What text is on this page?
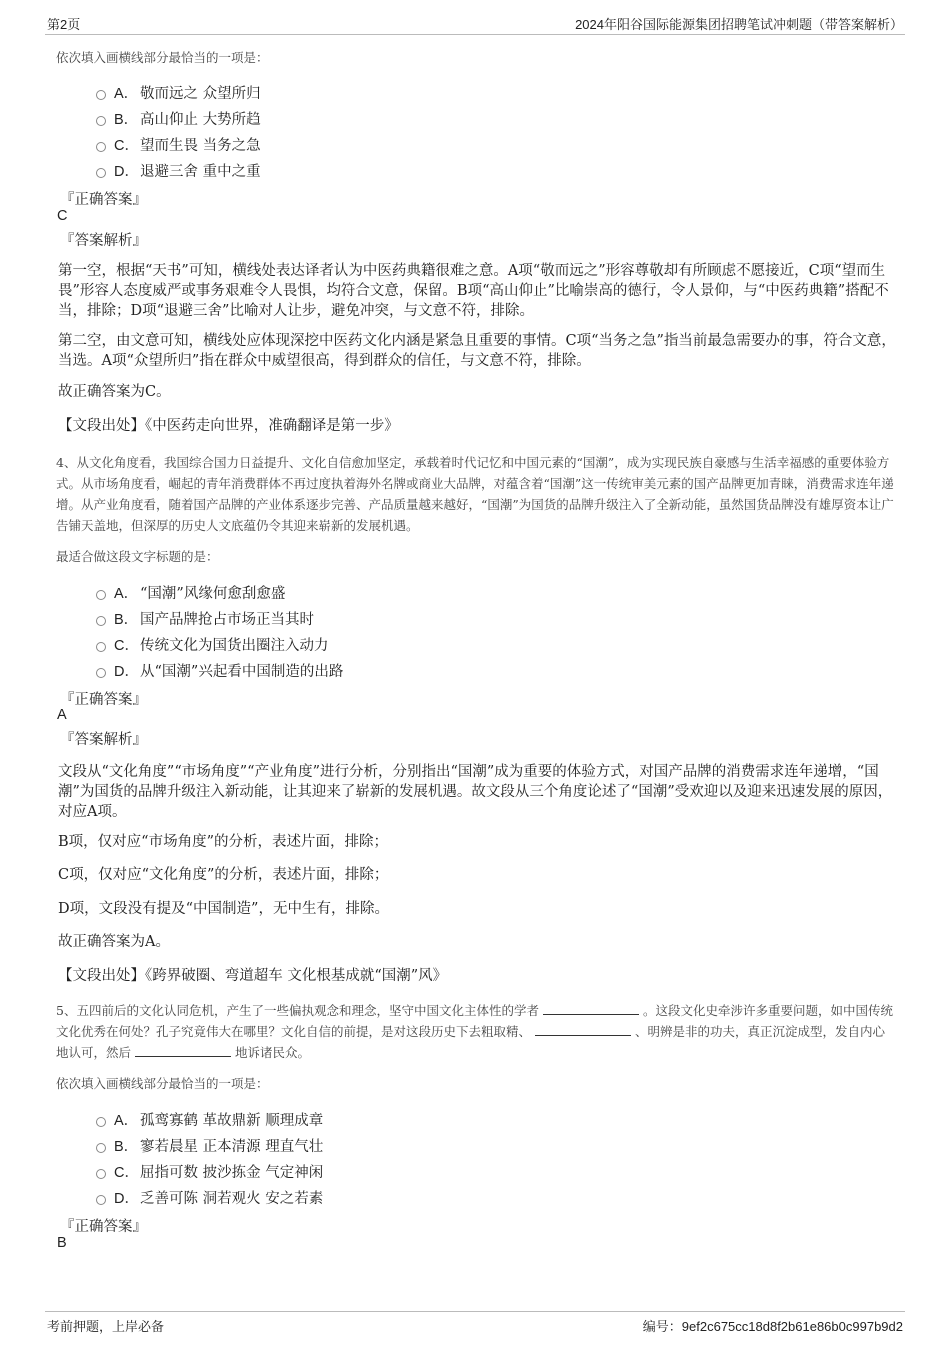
第2页	2024年阳谷国际能源集团招聘笔试冲刺题（带答案解析）
依次填入画横线部分最恰当的一项是：
A． 敬而远之 众望所归
B． 高山仰止 大势所趋
C．望而生畏 当务之急
D．退避三舍 重中之重
『正确答案』
C
『答案解析』
第一空，根据“天书”可知，横线处表达译者认为中医药典籍很难之意。A项“敬而远之”形容尊敬却有所顾虑不愿接近，C项“望而生畏”形容人态度威严或事务艰难令人畏惧，均符合文意，保留。B项“高山仰止”比喻崇高的德行，令人景仰，与“中医药典籍”搭配不当，排除；D项“退避三舍”比喻对人让步，避免冲突，与文意不符，排除。
第二空，由文意可知，横线处应体现深挖中医药文化内涵是紧急且重要的事情。C项“当务之急”指当前最急需要办的事，符合文意，当选。A项“众望所归”指在群众中威望很高，得到群众的信任，与文意不符，排除。
故正确答案为C。
【文段出处】《中医药走向世界，准确翻译是第一步》
4、从文化角度看，我国综合国力日益提升、文化自信愈加坚定，承载着时代记忆和中国元素的“国潮”，成为实现民族自豪感与生活幸福感的重要体验方式。从市场角度看，崛起的青年消费群体不再过度执着海外名牌或商业大品牌，对蕴含着“国潮”这一传统审美元素的国产品牌更加青睐，消费需求连年递增。从产业角度看，随着国产品牌的产业体系逐步完善、产品质量越来越好，“国潮”为国货的品牌升级注入了全新动能，虽然国货品牌没有雄厚资本让广告铺天盖地，但深厚的历史人文底蕴仍令其迎来崭新的发展机遇。
最适合做这段文字标题的是：
A． “国潮”风缘何愈刮愈盛
B． 国产品牌抢占市场正当其时
C．传统文化为国货出圈注入动力
D．从“国潮”兴起看中国制造的出路
『正确答案』
A
『答案解析』
文段从“文化角度”“市场角度”“产业角度”进行分析，分别指出“国潮”成为重要的体验方式，对国产品牌的消费需求连年递增，“国潮”为国货的品牌升级注入新动能，让其迎来了崭新的发展机遇。故文段从三个角度论述了“国潮”受欢迎以及迎来迅速发展的原因，对应A项。
B项，仅对应“市场角度”的分析，表述片面，排除；
C项，仅对应“文化角度”的分析，表述片面，排除；
D项，文段没有提及“中国制造”，无中生有，排除。
故正确答案为A。
【文段出处】《跨界破圈、弯道超车 文化根基成就“国潮”风》
5、五四前后的文化认同危机，产生了一些偏执观念和理念，坚守中国文化主体性的学者	。这段文化史牵涉许多重要问题，如中国传统文化优秀在何处？孔子究竟伟大在哪里？文化自信的前提，是对这段历史下去粗取精、	、明辨是非的功夫，真正沉淀成型，发自内心地认可，然后	地诉诸民众。
依次填入画横线部分最恰当的一项是：
A． 孤鸾寡鹤 革故鼎新 顺理成章
B． 寥若晨星 正本清源 理直气壮
C．屈指可数 披沙拣金 气定神闲
D．乏善可陈 洞若观火 安之若素
『正确答案』
B
考前押题，上岸必备	编号：9ef2c675cc18d8f2b61e86b0c997b9d2
